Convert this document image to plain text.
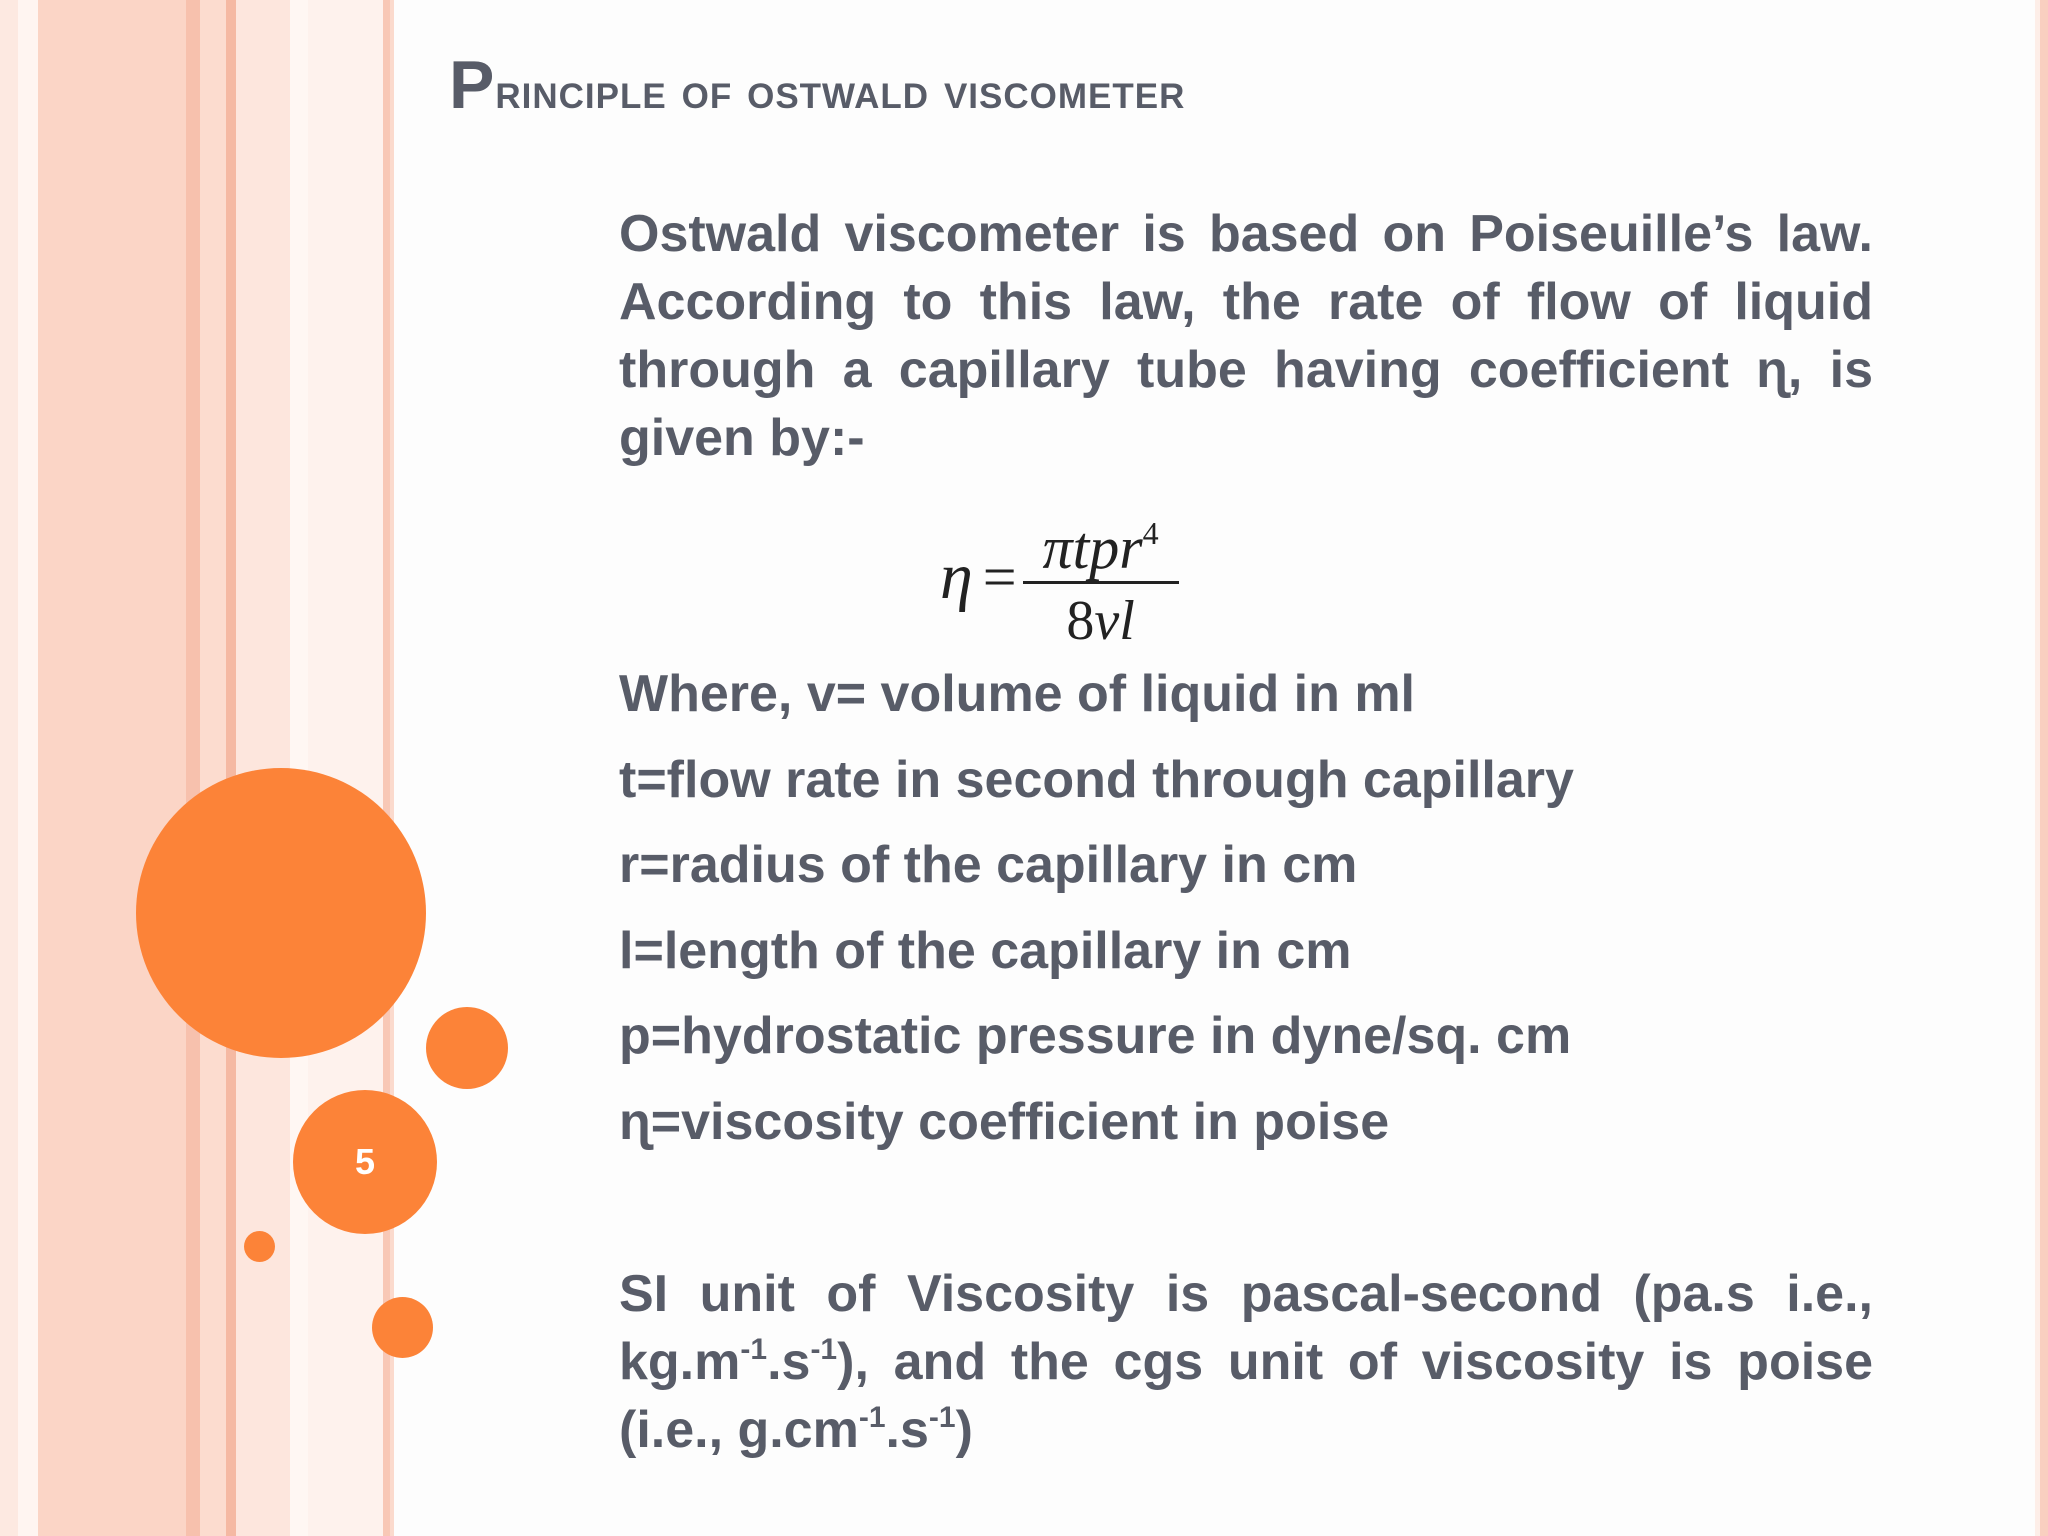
5
Principle of ostwald viscometer

Ostwald viscometer is based on Poiseuille’s law. According to this law, the rate of flow of liquid through a capillary tube having coefficient ɳ, is given by:-

$\eta = \frac{\pi tpr^4}{8vl}$

Where, v= volume of liquid in ml

t=flow rate in second through capillary

r=radius of the capillary in cm

l=length of the capillary in cm

p=hydrostatic pressure in dyne/sq. cm

ɳ=viscosity coefficient in poise

SI unit of Viscosity is pascal-second (pa.s i.e., $kg.m^{-1}.s^{-1}$), and the cgs unit of viscosity is poise (i.e., $g.cm^{-1}.s^{-1}$)
